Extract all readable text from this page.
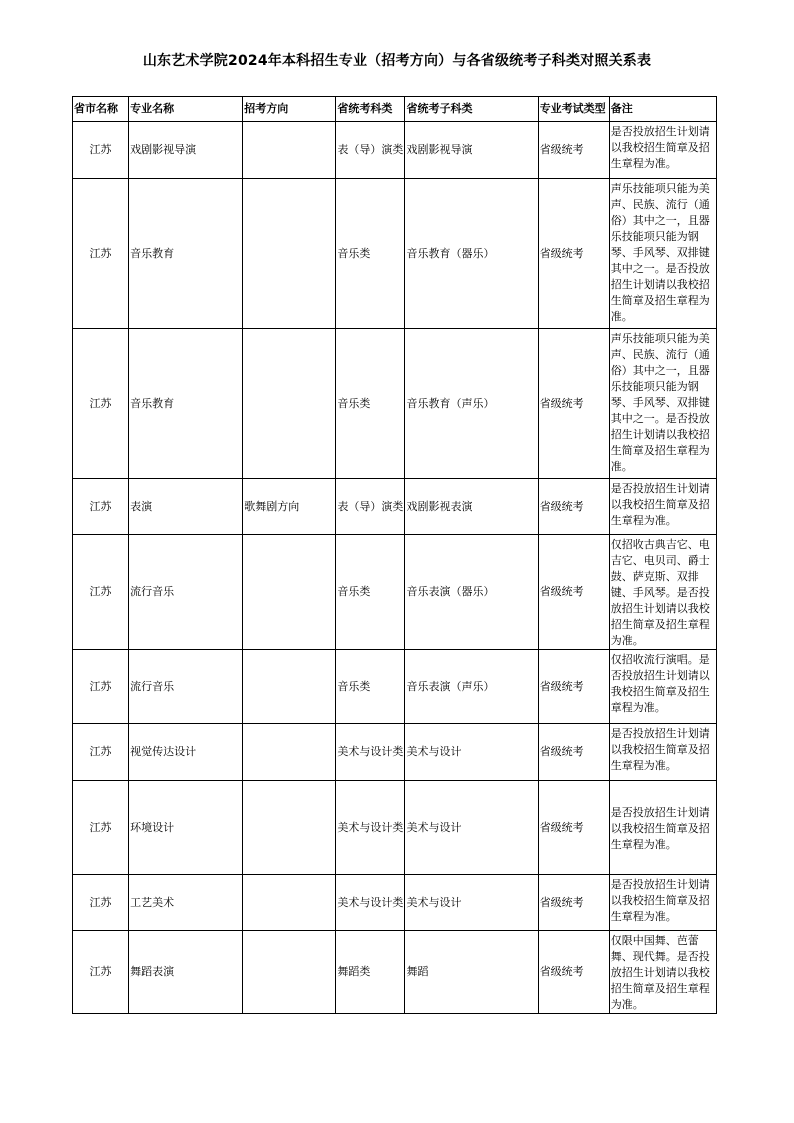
山东艺术学院2024年本科招生专业（招考方向）与各省级统考子科类对照关系表
省市名称	专业名称	招考方向	省统考科类	省统考子科类	专业考试类型	备注
江苏	戏剧影视导演		表（导）演类	戏剧影视导演	省级统考	是否投放招生计划请以我校招生简章及招生章程为准。
江苏	音乐教育		音乐类	音乐教育（器乐）	省级统考	声乐技能项只能为美声、民族、流行（通俗）其中之一，且器乐技能项只能为钢琴、手风琴、双排键其中之一。是否投放招生计划请以我校招生简章及招生章程为准。
江苏	音乐教育		音乐类	音乐教育（声乐）	省级统考	声乐技能项只能为美声、民族、流行（通俗）其中之一，且器乐技能项只能为钢琴、手风琴、双排键其中之一。是否投放招生计划请以我校招生简章及招生章程为准。
江苏	表演	歌舞剧方向	表（导）演类	戏剧影视表演	省级统考	是否投放招生计划请以我校招生简章及招生章程为准。
江苏	流行音乐		音乐类	音乐表演（器乐）	省级统考	仅招收古典吉它、电吉它、电贝司、爵士鼓、萨克斯、双排键、手风琴。是否投放招生计划请以我校招生简章及招生章程为准。
江苏	流行音乐		音乐类	音乐表演（声乐）	省级统考	仅招收流行演唱。是否投放招生计划请以我校招生简章及招生章程为准。
江苏	视觉传达设计		美术与设计类	美术与设计	省级统考	是否投放招生计划请以我校招生简章及招生章程为准。
江苏	环境设计		美术与设计类	美术与设计	省级统考	是否投放招生计划请以我校招生简章及招生章程为准。
江苏	工艺美术		美术与设计类	美术与设计	省级统考	是否投放招生计划请以我校招生简章及招生章程为准。
江苏	舞蹈表演		舞蹈类	舞蹈	省级统考	仅限中国舞、芭蕾舞、现代舞。是否投放招生计划请以我校招生简章及招生章程为准。
